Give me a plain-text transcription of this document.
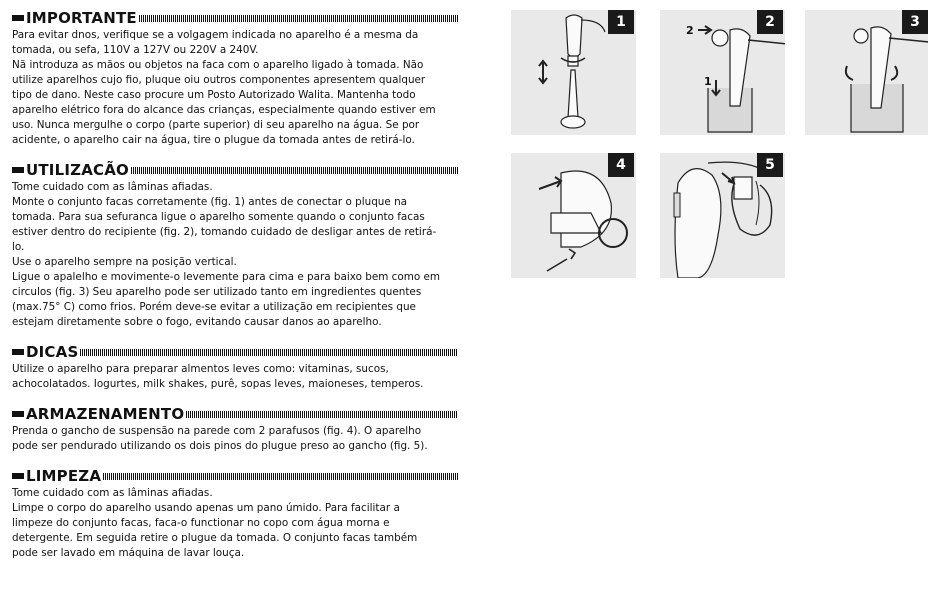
IMPORTANTE

Para evitar dnos, verifique se a volgagem indicada no aparelho é a mesma da
tomada, ou sefa, 110V a 127V ou 220V a 240V.
Nã introduza as mãos ou objetos na faca com o aparelho ligado à tomada. Não
utilize aparelhos cujo fio, pluque oiu outros componentes apresentem qualquer
tipo de dano. Neste caso procure um Posto Autorizado Walita. Mantenha todo
aparelho elétrico fora do alcance das crianças, especialmente quando estiver em
uso. Nunca mergulhe o corpo (parte superior) di seu aparelho na água. Se por
acidente, o aparelho cair na água, tire o plugue da tomada antes de retirá-lo.

UTILIZACÃO

Tome cuidado com as lâminas afiadas.
Monte o conjunto facas corretamente (fig. 1) antes de conectar o pluque na
tomada. Para sua sefuranca ligue o aparelho somente quando o conjunto facas
estiver dentro do recipiente (fig. 2), tomando cuidado de desligar antes de retirá-
lo.
Use o aparelho sempre na posição vertical.
Ligue o apalelho e movimente-o levemente para cima e para baixo bem como em
circulos (fig. 3) Seu aparelho pode ser utilizado tanto em ingredientes quentes
(max.75° C) como frios. Porém deve-se evitar a utilização em recipientes que
estejam diretamente sobre o fogo, evitando causar danos ao aparelho.

DICAS

Utilize o aparelho para preparar almentos leves como: vitaminas, sucos,
achocolatados. Iogurtes, milk shakes, purê, sopas leves, maioneses, temperos.

ARMAZENAMENTO

Prenda o gancho de suspensão na parede com 2 parafusos (fig. 4). O aparelho
pode ser pendurado utilizando os dois pinos do plugue preso ao gancho (fig. 5).

LIMPEZA

Tome cuidado com as lâminas afiadas.
Limpe o corpo do aparelho usando apenas um pano úmido. Para facilitar a
limpeze do conjunto facas, faca-o functionar no copo com água morna e
detergente. Em seguida retire o plugue da tomada. O conjunto facas também
pode ser lavado em máquina de lavar louça.

1
2
1
2	3
4	5
